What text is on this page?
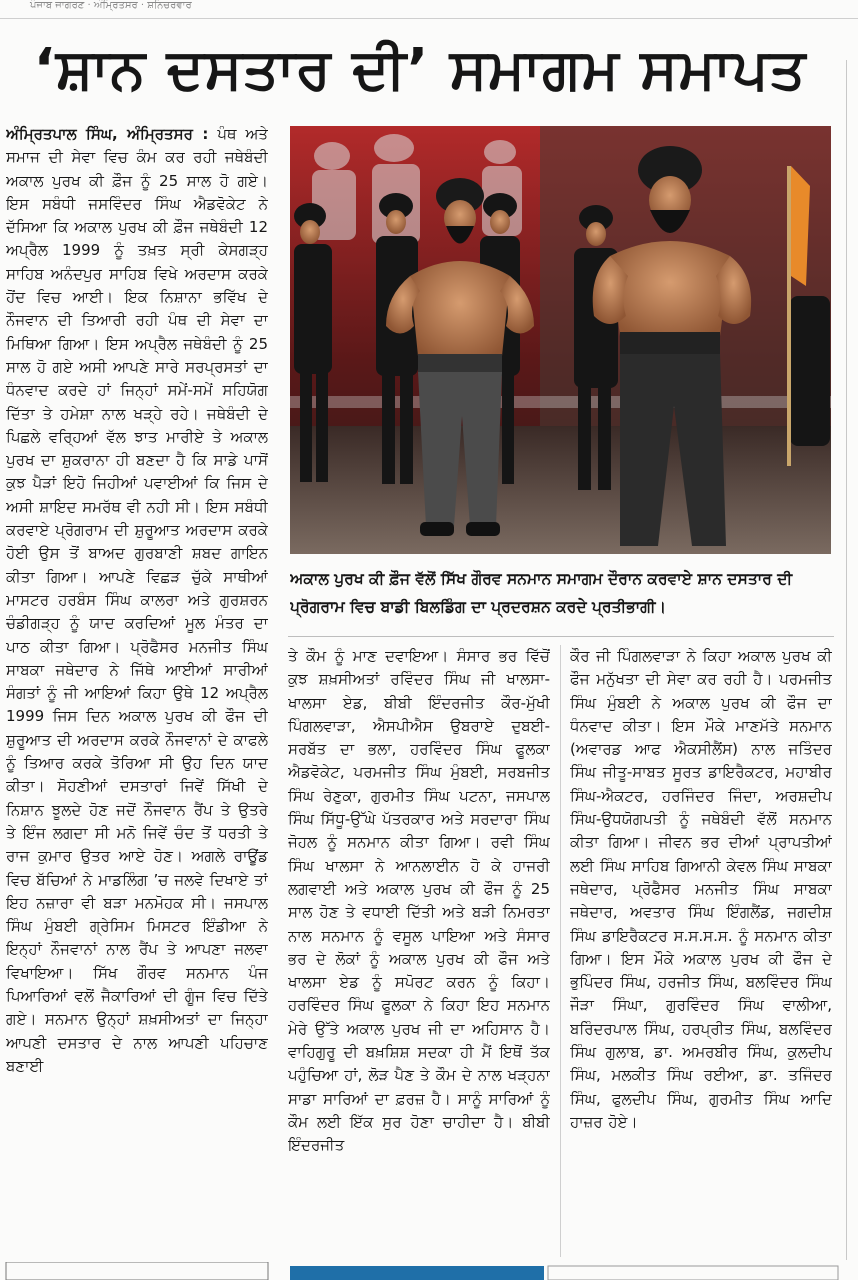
ਪੰਜਾਬ ਜਾਗਰਣ · ਅੰਮ੍ਰਿਤਸਰ · ਸ਼ਨਿਚਰਵਾਰ
‘ਸ਼ਾਨ ਦਸਤਾਰ ਦੀ’ ਸਮਾਗਮ ਸਮਾਪਤ
ਅੰਮ੍ਰਿਤਪਾਲ ਸਿੰਘ, ਅੰਮ੍ਰਿਤਸਰ : ਪੰਥ ਅਤੇ ਸਮਾਜ ਦੀ ਸੇਵਾ ਵਿਚ ਕੰਮ ਕਰ ਰਹੀ ਜਥੇਬੰਦੀ ਅਕਾਲ ਪੁਰਖ ਕੀ ਫ਼ੌਜ ਨੂੰ 25 ਸਾਲ ਹੋ ਗਏ। ਇਸ ਸਬੰਧੀ ਜਸਵਿੰਦਰ ਸਿੰਘ ਐਡਵੋਕੇਟ ਨੇ ਦੱਸਿਆ ਕਿ ਅਕਾਲ ਪੁਰਖ ਕੀ ਫ਼ੌਜ ਜਥੇਬੰਦੀ 12 ਅਪ੍ਰੈਲ 1999 ਨੂੰ ਤਖ਼ਤ ਸ੍ਰੀ ਕੇਸਗੜ੍ਹ ਸਾਹਿਬ ਅਨੰਦਪੁਰ ਸਾਹਿਬ ਵਿਖੇ ਅਰਦਾਸ ਕਰਕੇ ਹੋਂਦ ਵਿਚ ਆਈ। ਇਕ ਨਿਸ਼ਾਨਾ ਭਵਿੱਖ ਦੇ ਨੌਜਵਾਨ ਦੀ ਤਿਆਰੀ ਰਹੀ ਪੰਥ ਦੀ ਸੇਵਾ ਦਾ ਮਿਥਿਆ ਗਿਆ। ਇਸ ਅਪ੍ਰੈਲ ਜਥੇਬੰਦੀ ਨੂੰ 25 ਸਾਲ ਹੋ ਗਏ ਅਸੀ ਆਪਣੇ ਸਾਰੇ ਸਰਪ੍ਰਸਤਾਂ ਦਾ ਧੰਨਵਾਦ ਕਰਦੇ ਹਾਂ ਜਿਨ੍ਹਾਂ ਸਮੇਂ-ਸਮੇਂ ਸਹਿਯੋਗ ਦਿੱਤਾ ਤੇ ਹਮੇਸ਼ਾ ਨਾਲ ਖੜ੍ਹੇ ਰਹੇ। ਜਥੇਬੰਦੀ ਦੇ ਪਿਛਲੇ ਵਰ੍ਹਿਆਂ ਵੱਲ ਝਾਤ ਮਾਰੀਏ ਤੇ ਅਕਾਲ ਪੁਰਖ ਦਾ ਸ਼ੁਕਰਾਨਾ ਹੀ ਬਣਦਾ ਹੈ ਕਿ ਸਾਡੇ ਪਾਸੋਂ ਕੁਝ ਪੈੜਾਂ ਇਹੋ ਜਿਹੀਆਂ ਪਵਾਈਆਂ ਕਿ ਜਿਸ ਦੇ ਅਸੀ ਸ਼ਾਇਦ ਸਮਰੱਥ ਵੀ ਨਹੀ ਸੀ। ਇਸ ਸਬੰਧੀ ਕਰਵਾਏ ਪ੍ਰੋਗਰਾਮ ਦੀ ਸ਼ੁਰੂਆਤ ਅਰਦਾਸ ਕਰਕੇ ਹੋਈ ਉਸ ਤੋਂ ਬਾਅਦ ਗੁਰਬਾਣੀ ਸ਼ਬਦ ਗਾਇਨ ਕੀਤਾ ਗਿਆ। ਆਪਣੇ ਵਿਛੜ ਚੁੱਕੇ ਸਾਥੀਆਂ ਮਾਸਟਰ ਹਰਬੰਸ ਸਿੰਘ ਕਾਲਰਾ ਅਤੇ ਗੁਰਸ਼ਰਨ ਚੰਡੀਗੜ੍ਹ ਨੂੰ ਯਾਦ ਕਰਦਿਆਂ ਮੂਲ ਮੰਤਰ ਦਾ ਪਾਠ ਕੀਤਾ ਗਿਆ। ਪ੍ਰੋਫੈਸਰ ਮਨਜੀਤ ਸਿੰਘ ਸਾਬਕਾ ਜਥੇਦਾਰ ਨੇ ਜਿੱਥੇ ਆਈਆਂ ਸਾਰੀਆਂ ਸੰਗਤਾਂ ਨੂੰ ਜੀ ਆਇਆਂ ਕਿਹਾ ਉਥੇ 12 ਅਪ੍ਰੈਲ 1999 ਜਿਸ ਦਿਨ ਅਕਾਲ ਪੁਰਖ ਕੀ ਫੌਜ ਦੀ ਸ਼ੁਰੂਆਤ ਦੀ ਅਰਦਾਸ ਕਰਕੇ ਨੌਜਵਾਨਾਂ ਦੇ ਕਾਫਲੇ ਨੂੰ ਤਿਆਰ ਕਰਕੇ ਤੋਰਿਆ ਸੀ ਉਹ ਦਿਨ ਯਾਦ ਕੀਤਾ। ਸੋਹਣੀਆਂ ਦਸਤਾਰਾਂ ਜਿਵੇਂ ਸਿੱਖੀ ਦੇ ਨਿਸ਼ਾਨ ਝੂਲਦੇ ਹੋਣ ਜਦੋਂ ਨੌਜਵਾਨ ਰੈਂਪ ਤੇ ਉਤਰੇ ਤੇ ਇੰਜ ਲਗਦਾ ਸੀ ਮਨੋ ਜਿਵੇਂ ਚੰਦ ਤੋਂ ਧਰਤੀ ਤੇ ਰਾਜ ਕੁਮਾਰ ਉਤਰ ਆਏ ਹੋਣ। ਅਗਲੇ ਰਾਊਂਡ ਵਿਚ ਬੱਚਿਆਂ ਨੇ ਮਾਡਲਿੰਗ ’ਚ ਜਲਵੇ ਦਿਖਾਏ ਤਾਂ ਇਹ ਨਜ਼ਾਰਾ ਵੀ ਬੜਾ ਮਨਮੋਹਕ ਸੀ। ਜਸਪਾਲ ਸਿੰਘ ਮੁੰਬਈ ਗ੍ਰੇਸਿਮ ਮਿਸਟਰ ਇੰਡੀਆ ਨੇ ਇਨ੍ਹਾਂ ਨੌਜਵਾਨਾਂ ਨਾਲ ਰੈਂਪ ਤੇ ਆਪਣਾ ਜਲਵਾ ਵਿਖਾਇਆ। ਸਿੱਖ ਗੌਰਵ ਸਨਮਾਨ ਪੰਜ ਪਿਆਰਿਆਂ ਵਲੋਂ ਜੈਕਾਰਿਆਂ ਦੀ ਗੂੰਜ ਵਿਚ ਦਿੱਤੇ ਗਏ। ਸਨਮਾਨ ਉਨ੍ਹਾਂ ਸ਼ਖ਼ਸੀਅਤਾਂ ਦਾ ਜਿਨ੍ਹਾ ਆਪਣੀ ਦਸਤਾਰ ਦੇ ਨਾਲ ਆਪਣੀ ਪਹਿਚਾਣ ਬਣਾਈ
ਅਕਾਲ ਪੁਰਖ ਕੀ ਫ਼ੌਜ ਵੱਲੋਂ ਸਿੱਖ ਗੌਰਵ ਸਨਮਾਨ ਸਮਾਗਮ ਦੌਰਾਨ ਕਰਵਾਏ ਸ਼ਾਨ ਦਸਤਾਰ ਦੀ ਪ੍ਰੋਗਰਾਮ ਵਿਚ ਬਾਡੀ ਬਿਲਡਿੰਗ ਦਾ ਪ੍ਰਦਰਸ਼ਨ ਕਰਦੇ ਪ੍ਰਤੀਭਾਗੀ।
ਤੇ ਕੌਮ ਨੂੰ ਮਾਣ ਦਵਾਇਆ। ਸੰਸਾਰ ਭਰ ਵਿੱਚੋਂ ਕੁਝ ਸ਼ਖ਼ਸੀਅਤਾਂ ਰਵਿੰਦਰ ਸਿੰਘ ਜੀ ਖਾਲਸਾ-ਖਾਲਸਾ ਏਡ, ਬੀਬੀ ਇੰਦਰਜੀਤ ਕੌਰ-ਮੁੱਖੀ ਪਿੰਗਲਵਾੜਾ, ਐਸਪੀਐਸ ਉਬਰਾਏ ਦੁਬਈ-ਸਰਬੱਤ ਦਾ ਭਲਾ, ਹਰਵਿੰਦਰ ਸਿੰਘ ਫੂਲਕਾ ਐਡਵੋਕੇਟ, ਪਰਮਜੀਤ ਸਿੰਘ ਮੁੰਬਈ, ਸਰਬਜੀਤ ਸਿੰਘ ਰੇਣੁਕਾ, ਗੁਰਮੀਤ ਸਿੰਘ ਪਟਨਾ, ਜਸਪਾਲ ਸਿੰਘ ਸਿੱਧੂ-ਉੱਘੇ ਪੱਤਰਕਾਰ ਅਤੇ ਸਰਦਾਰਾ ਸਿੰਘ ਜੋਹਲ ਨੂੰ ਸਨਮਾਨ ਕੀਤਾ ਗਿਆ। ਰਵੀ ਸਿੰਘ ਸਿੰਘ ਖਾਲਸਾ ਨੇ ਆਨਲਾਈਨ ਹੋ ਕੇ ਹਾਜਰੀ ਲਗਵਾਈ ਅਤੇ ਅਕਾਲ ਪੁਰਖ ਕੀ ਫੌਜ ਨੂੰ 25 ਸਾਲ ਹੋਣ ਤੇ ਵਧਾਈ ਦਿੱਤੀ ਅਤੇ ਬੜੀ ਨਿਮਰਤਾ ਨਾਲ ਸਨਮਾਨ ਨੂੰ ਵਸੂਲ ਪਾਇਆ ਅਤੇ ਸੰਸਾਰ ਭਰ ਦੇ ਲੋਕਾਂ ਨੂੰ ਅਕਾਲ ਪੁਰਖ ਕੀ ਫੌਜ ਅਤੇ ਖਾਲਸਾ ਏਡ ਨੂੰ ਸਪੋਰਟ ਕਰਨ ਨੂੰ ਕਿਹਾ। ਹਰਵਿੰਦਰ ਸਿੰਘ ਫੂਲਕਾ ਨੇ ਕਿਹਾ ਇਹ ਸਨਮਾਨ ਮੇਰੇ ਉੱਤੇ ਅਕਾਲ ਪੁਰਖ ਜੀ ਦਾ ਅਹਿਸਾਨ ਹੈ। ਵਾਹਿਗੁਰੂ ਦੀ ਬਖ਼ਸ਼ਿਸ਼ ਸਦਕਾ ਹੀ ਮੈਂ ਇਥੋਂ ਤੱਕ ਪਹੁੰਚਿਆ ਹਾਂ, ਲੋੜ ਪੈਣ ਤੇ ਕੌਮ ਦੇ ਨਾਲ ਖੜ੍ਹਨਾ ਸਾਡਾ ਸਾਰਿਆਂ ਦਾ ਫ਼ਰਜ਼ ਹੈ। ਸਾਨੂੰ ਸਾਰਿਆਂ ਨੂੰ ਕੌਮ ਲਈ ਇੱਕ ਸੁਰ ਹੋਣਾ ਚਾਹੀਦਾ ਹੈ। ਬੀਬੀ ਇੰਦਰਜੀਤ
ਕੌਰ ਜੀ ਪਿੰਗਲਵਾੜਾ ਨੇ ਕਿਹਾ ਅਕਾਲ ਪੁਰਖ ਕੀ ਫੌਜ ਮਨੁੱਖਤਾ ਦੀ ਸੇਵਾ ਕਰ ਰਹੀ ਹੈ। ਪਰਮਜੀਤ ਸਿੰਘ ਮੁੰਬਈ ਨੇ ਅਕਾਲ ਪੁਰਖ ਕੀ ਫੌਜ ਦਾ ਧੰਨਵਾਦ ਕੀਤਾ। ਇਸ ਮੌਕੇ ਮਾਣਮੱਤੇ ਸਨਮਾਨ (ਅਵਾਰਡ ਆਫ ਐਕਸੀਲੈਂਸ) ਨਾਲ ਜਤਿੰਦਰ ਸਿੰਘ ਜੀਤੂ-ਸਾਬਤ ਸੂਰਤ ਡਾਇਰੈਕਟਰ, ਮਹਾਬੀਰ ਸਿੰਘ-ਐਕਟਰ, ਹਰਜਿੰਦਰ ਜਿੰਦਾ, ਅਰਸ਼ਦੀਪ ਸਿੰਘ-ਉਧਯੋਗਪਤੀ ਨੂੰ ਜਥੇਬੰਦੀ ਵੱਲੋਂ ਸਨਮਾਨ ਕੀਤਾ ਗਿਆ। ਜੀਵਨ ਭਰ ਦੀਆਂ ਪ੍ਰਾਪਤੀਆਂ ਲਈ ਸਿੰਘ ਸਾਹਿਬ ਗਿਆਨੀ ਕੇਵਲ ਸਿੰਘ ਸਾਬਕਾ ਜਥੇਦਾਰ, ਪ੍ਰੋਫੈਸਰ ਮਨਜੀਤ ਸਿੰਘ ਸਾਬਕਾ ਜਥੇਦਾਰ, ਅਵਤਾਰ ਸਿੰਘ ਇੰਗਲੈਂਡ, ਜਗਦੀਸ਼ ਸਿੰਘ ਡਾਇਰੈਕਟਰ ਸ.ਸ.ਸ.ਸ. ਨੂੰ ਸਨਮਾਨ ਕੀਤਾ ਗਿਆ। ਇਸ ਮੌਕੇ ਅਕਾਲ ਪੁਰਖ ਕੀ ਫੌਜ ਦੇ ਭੁਪਿੰਦਰ ਸਿੰਘ, ਹਰਜੀਤ ਸਿੰਘ, ਬਲਵਿੰਦਰ ਸਿੰਘ ਜੌੜਾ ਸਿੰਘਾ, ਗੁਰਵਿੰਦਰ ਸਿੰਘ ਵਾਲੀਆ, ਬਰਿੰਦਰਪਾਲ ਸਿੰਘ, ਹਰਪ੍ਰੀਤ ਸਿੰਘ, ਬਲਵਿੰਦਰ ਸਿੰਘ ਗੁਲਾਬ, ਡਾ. ਅਮਰਬੀਰ ਸਿੰਘ, ਕੁਲਦੀਪ ਸਿੰਘ, ਮਲਕੀਤ ਸਿੰਘ ਰਈਆ, ਡਾ. ਤਜਿੰਦਰ ਸਿੰਘ, ਫੁਲਦੀਪ ਸਿੰਘ, ਗੁਰਮੀਤ ਸਿੰਘ ਆਦਿ ਹਾਜ਼ਰ ਹੋਏ।
